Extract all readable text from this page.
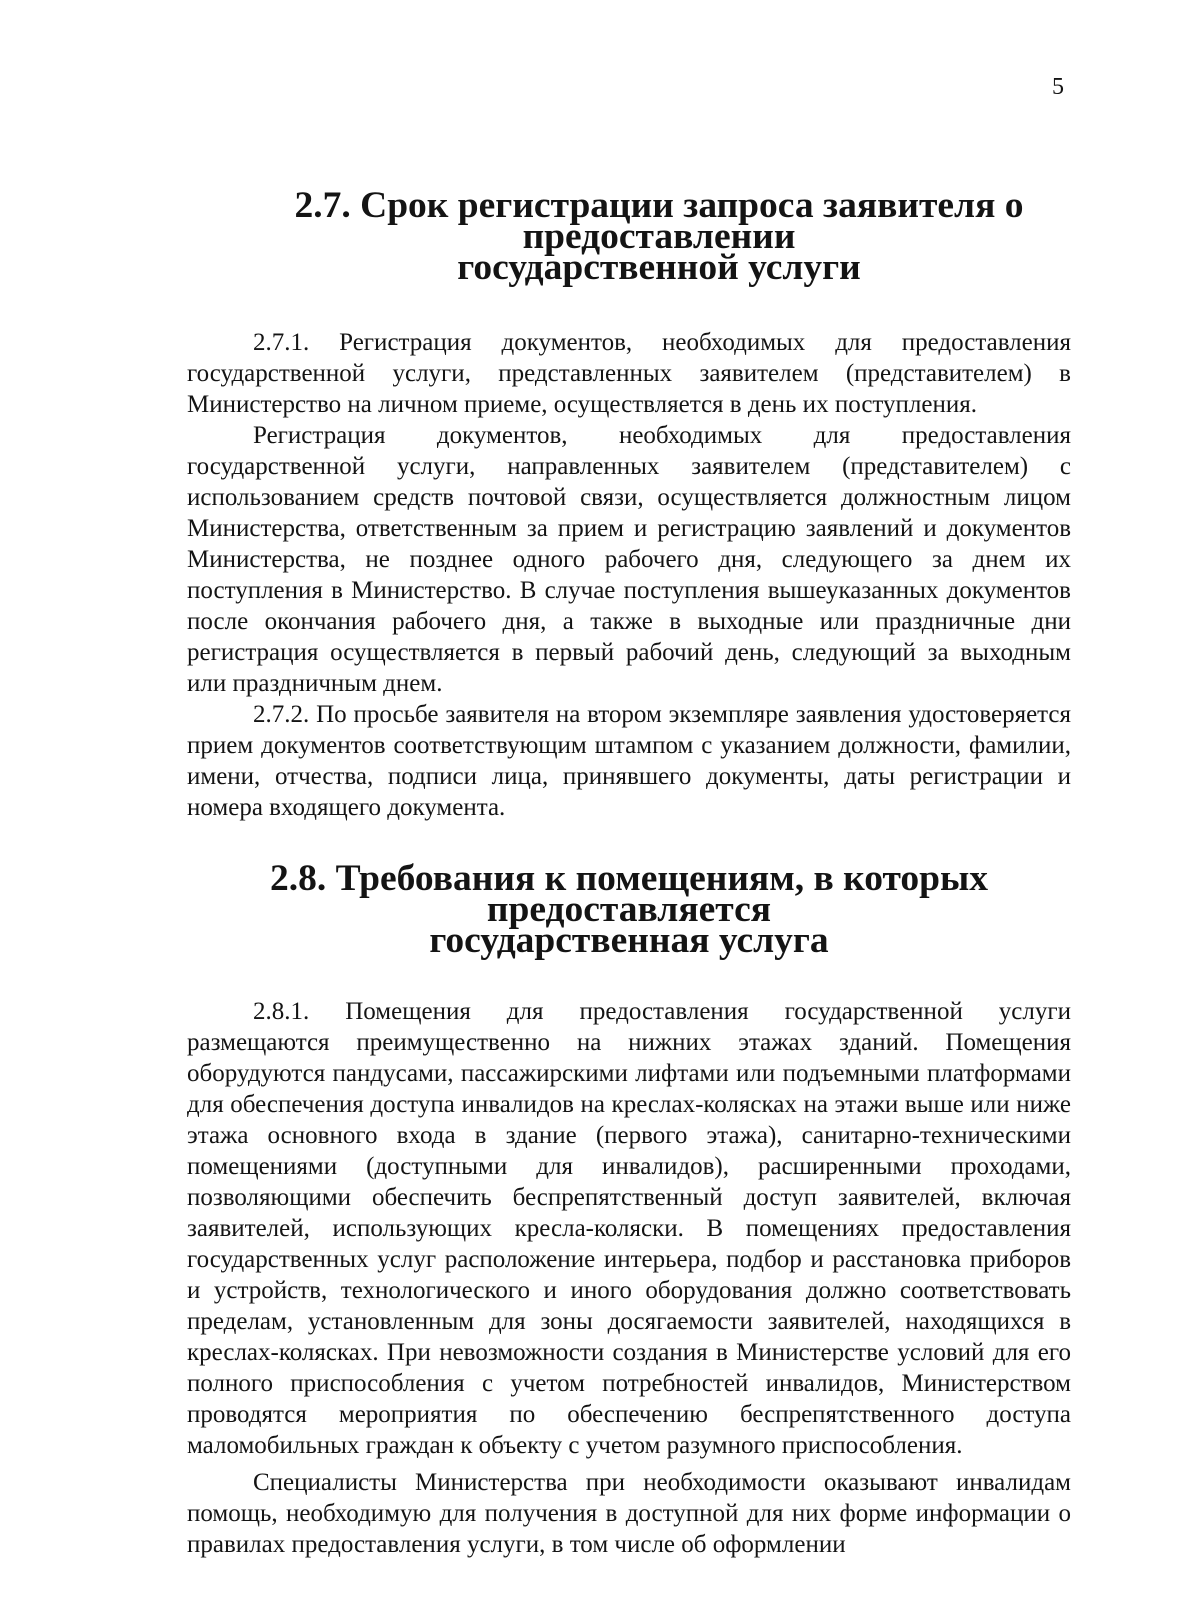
5
2.7. Срок регистрации запроса заявителя о предоставлении
государственной услуги

2.7.1. Регистрация документов, необходимых для предоставления государственной услуги, представленных заявителем (представителем) в Министерство на личном приеме, осуществляется в день их поступления.

Регистрация документов, необходимых для предоставления государственной услуги, направленных заявителем (представителем) с использованием средств почтовой связи, осуществляется должностным лицом Министерства, ответственным за прием и регистрацию заявлений и документов Министерства, не позднее одного рабочего дня, следующего за днем их поступления в Министерство. В случае поступления вышеуказанных документов после окончания рабочего дня, а также в выходные или праздничные дни регистрация осуществляется в первый рабочий день, следующий за выходным или праздничным днем.

2.7.2. По просьбе заявителя на втором экземпляре заявления удостоверяется прием документов соответствующим штампом с указанием должности, фамилии, имени, отчества, подписи лица, принявшего документы, даты регистрации и номера входящего документа.

2.8. Требования к помещениям, в которых предоставляется
государственная услуга

2.8.1. Помещения для предоставления государственной услуги размещаются преимущественно на нижних этажах зданий. Помещения оборудуются пандусами, пассажирскими лифтами или подъемными платформами для обеспечения доступа инвалидов на креслах-колясках на этажи выше или ниже этажа основного входа в здание (первого этажа), санитарно-техническими помещениями (доступными для инвалидов), расширенными проходами, позволяющими обеспечить беспрепятственный доступ заявителей, включая заявителей, использующих кресла-коляски. В помещениях предоставления государственных услуг расположение интерьера, подбор и расстановка приборов и устройств, технологического и иного оборудования должно соответствовать пределам, установленным для зоны досягаемости заявителей, находящихся в креслах-колясках. При невозможности создания в Министерстве условий для его полного приспособления с учетом потребностей инвалидов, Министерством проводятся мероприятия по обеспечению беспрепятственного доступа маломобильных граждан к объекту с учетом разумного приспособления.

Специалисты Министерства при необходимости оказывают инвалидам помощь, необходимую для получения в доступной для них форме информации о правилах предоставления услуги, в том числе об оформлении
